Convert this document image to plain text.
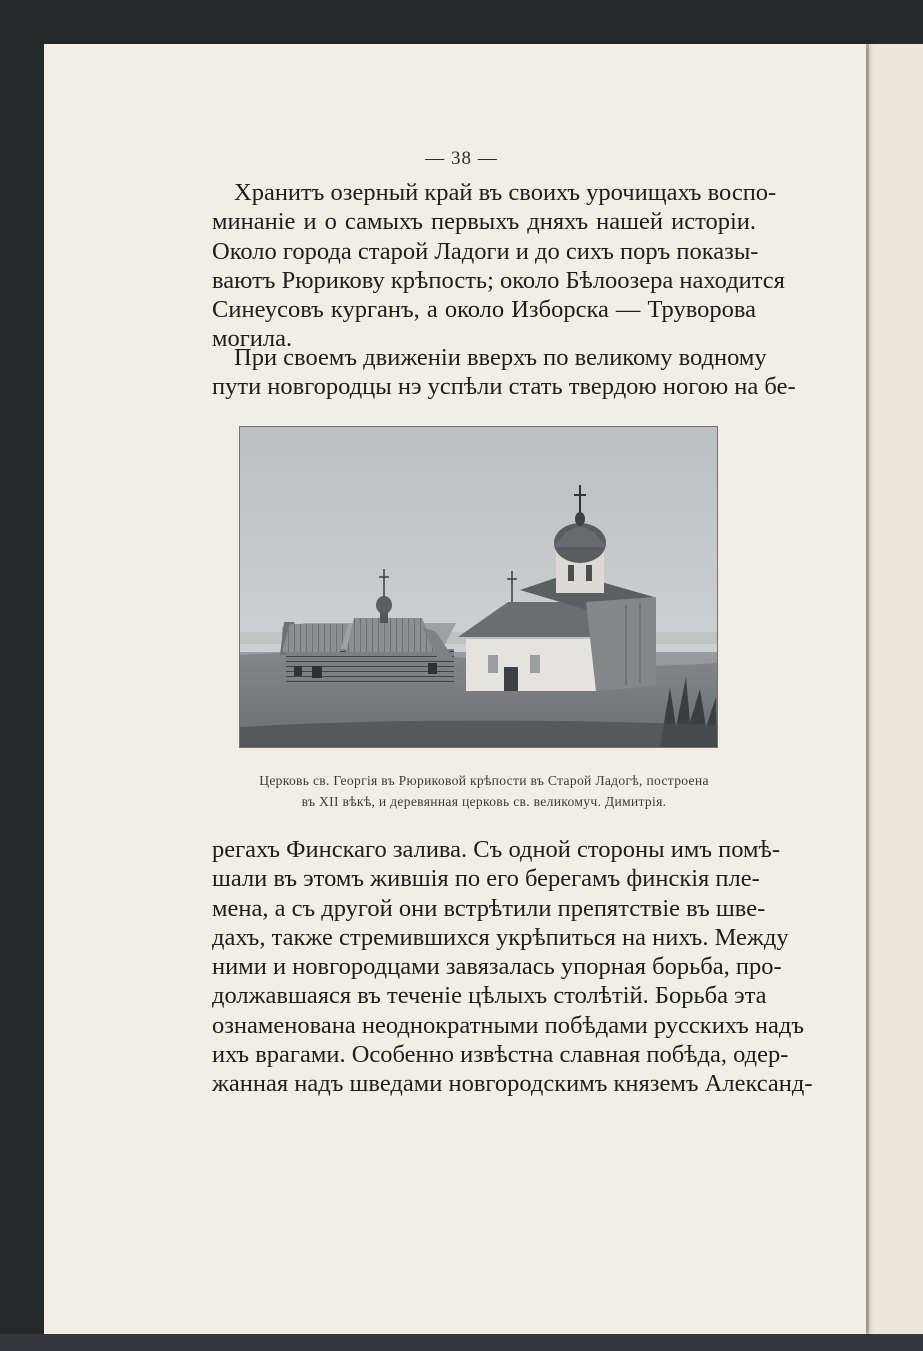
— 38 —
Хранитъ озерный край въ своихъ урочищахъ воспо-
минаніе и о самыхъ первыхъ дняхъ нашей исторіи.
Около города старой Ладоги и до сихъ поръ показы-
ваютъ Рюрикову крѣпость; около Бѣлоозера находится
Синеусовъ курганъ, а около Изборска — Труворова
могила.
При своемъ движеніи вверхъ по великому водному
пути новгородцы нэ успѣли стать твердою ногою на бе-
Церковь св. Георгія въ Рюриковой крѣпости въ Старой Ладогѣ, построена
въ XII вѣкѣ, и деревянная церковь св. великомуч. Димитрія.
регахъ Финскаго залива. Съ одной стороны имъ помѣ-
шали въ этомъ жившія по его берегамъ финскія пле-
мена, а съ другой они встрѣтили препятствіе въ шве-
дахъ, также стремившихся укрѣпиться на нихъ. Между
ними и новгородцами завязалась упорная борьба, про-
должавшаяся въ теченіе цѣлыхъ столѣтій. Борьба эта
ознаменована неоднократными побѣдами русскихъ надъ
ихъ врагами. Особенно извѣстна славная побѣда, одер-
жанная надъ шведами новгородскимъ княземъ Александ-
